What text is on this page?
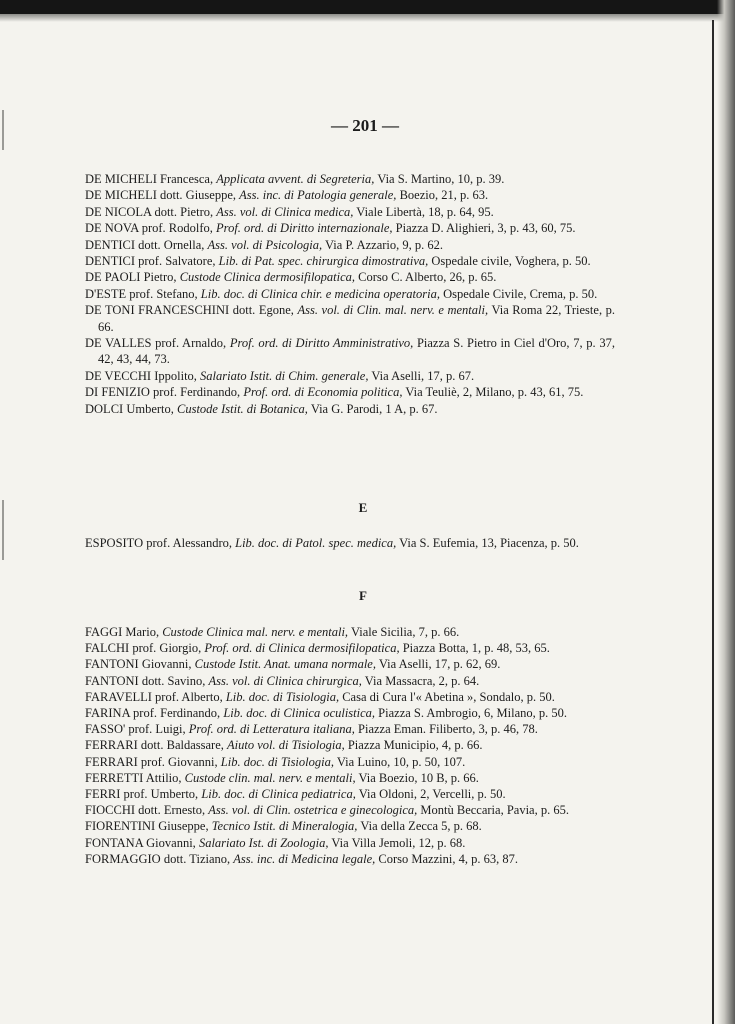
— 201 —
DE MICHELI Francesca, Applicata avvent. di Segreteria, Via S. Martino, 10, p. 39.
DE MICHELI dott. Giuseppe, Ass. inc. di Patologia generale, Boezio, 21, p. 63.
DE NICOLA dott. Pietro, Ass. vol. di Clinica medica, Viale Libertà, 18, p. 64, 95.
DE NOVA prof. Rodolfo, Prof. ord. di Diritto internazionale, Piazza D. Alighieri, 3, p. 43, 60, 75.
DENTICI dott. Ornella, Ass. vol. di Psicologia, Via P. Azzario, 9, p. 62.
DENTICI prof. Salvatore, Lib. di Pat. spec. chirurgica dimostrativa, Ospedale civile, Voghera, p. 50.
DE PAOLI Pietro, Custode Clinica dermosifilopatica, Corso C. Alberto, 26, p. 65.
D'ESTE prof. Stefano, Lib. doc. di Clinica chir. e medicina operatoria, Ospedale Civile, Crema, p. 50.
DE TONI FRANCESCHINI dott. Egone, Ass. vol. di Clin. mal. nerv. e mentali, Via Roma 22, Trieste, p. 66.
DE VALLES prof. Arnaldo, Prof. ord. di Diritto Amministrativo, Piazza S. Pietro in Ciel d'Oro, 7, p. 37, 42, 43, 44, 73.
DE VECCHI Ippolito, Salariato Istit. di Chim. generale, Via Aselli, 17, p. 67.
DI FENIZIO prof. Ferdinando, Prof. ord. di Economia politica, Via Teuliè, 2, Milano, p. 43, 61, 75.
DOLCI Umberto, Custode Istit. di Botanica, Via G. Parodi, 1 A, p. 67.
E
ESPOSITO prof. Alessandro, Lib. doc. di Patol. spec. medica, Via S. Eufemia, 13, Piacenza, p. 50.
F
FAGGI Mario, Custode Clinica mal. nerv. e mentali, Viale Sicilia, 7, p. 66.
FALCHI prof. Giorgio, Prof. ord. di Clinica dermosifilopatica, Piazza Botta, 1, p. 48, 53, 65.
FANTONI Giovanni, Custode Istit. Anat. umana normale, Via Aselli, 17, p. 62, 69.
FANTONI dott. Savino, Ass. vol. di Clinica chirurgica, Via Massacra, 2, p. 64.
FARAVELLI prof. Alberto, Lib. doc. di Tisiologia, Casa di Cura l'« Abetina », Sondalo, p. 50.
FARINA prof. Ferdinando, Lib. doc. di Clinica oculistica, Piazza S. Ambrogio, 6, Milano, p. 50.
FASSO' prof. Luigi, Prof. ord. di Letteratura italiana, Piazza Eman. Filiberto, 3, p. 46, 78.
FERRARI dott. Baldassare, Aiuto vol. di Tisiologia, Piazza Municipio, 4, p. 66.
FERRARI prof. Giovanni, Lib. doc. di Tisiologia, Via Luino, 10, p. 50, 107.
FERRETTI Attilio, Custode clin. mal. nerv. e mentali, Via Boezio, 10 B, p. 66.
FERRI prof. Umberto, Lib. doc. di Clinica pediatrica, Via Oldoni, 2, Vercelli, p. 50.
FIOCCHI dott. Ernesto, Ass. vol. di Clin. ostetrica e ginecologica, Montù Beccaria, Pavia, p. 65.
FIORENTINI Giuseppe, Tecnico Istit. di Mineralogia, Via della Zecca 5, p. 68.
FONTANA Giovanni, Salariato Ist. di Zoologia, Via Villa Jemoli, 12, p. 68.
FORMAGGIO dott. Tiziano, Ass. inc. di Medicina legale, Corso Mazzini, 4, p. 63, 87.
